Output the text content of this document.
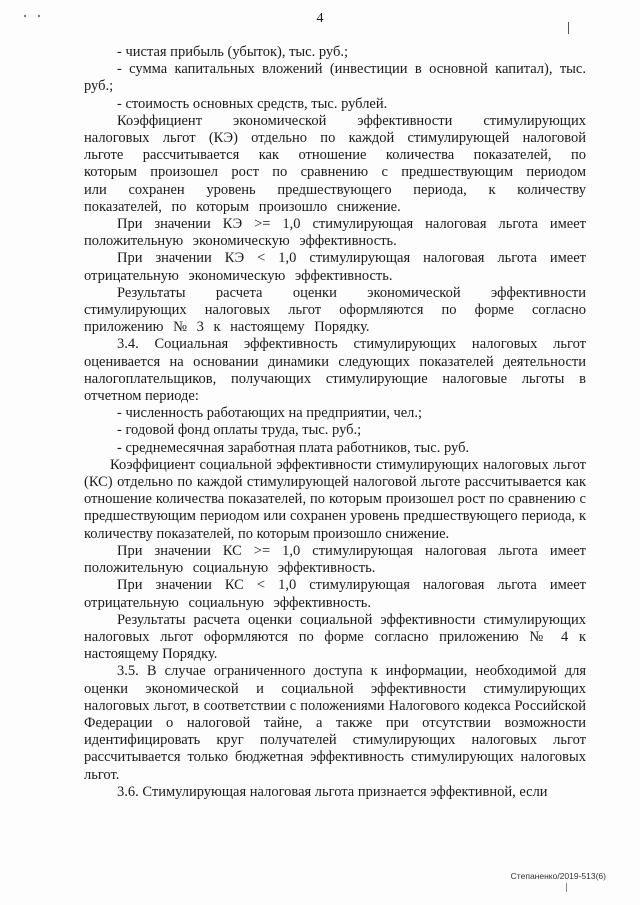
4

- чистая прибыль (убыток), тыс. руб.;

- сумма капитальных вложений (инвестиции в основной капитал), тыс. руб.;

- стоимость основных средств, тыс. рублей.

Коэффициент экономической эффективности стимулирующих налоговых льгот (КЭ) отдельно по каждой стимулирующей налоговой льготе рассчитывается как отношение количества показателей, по которым произошел рост по сравнению с предшествующим периодом или сохранен уровень предшествующего периода, к количеству показателей, по которым произошло снижение.

При значении КЭ >= 1,0 стимулирующая налоговая льгота имеет положительную экономическую эффективность.

При значении КЭ < 1,0 стимулирующая налоговая льгота имеет отрицательную экономическую эффективность.

Результаты расчета оценки экономической эффективности стимулирующих налоговых льгот оформляются по форме согласно приложению № 3 к настоящему Порядку.

3.4. Социальная эффективность стимулирующих налоговых льгот оценивается на основании динамики следующих показателей деятельности налогоплательщиков, получающих стимулирующие налоговые льготы в отчетном периоде:

- численность работающих на предприятии, чел.;

- годовой фонд оплаты труда, тыс. руб.;

- среднемесячная заработная плата работников, тыс. руб.

Коэффициент социальной эффективности стимулирующих налоговых льгот (КС) отдельно по каждой стимулирующей налоговой льготе рассчитывается как отношение количества показателей, по которым произошел рост по сравнению с предшествующим периодом или сохранен уровень предшествующего периода, к количеству показателей, по которым произошло снижение.

При значении КС >= 1,0 стимулирующая налоговая льгота имеет положительную социальную эффективность.

При значении КС < 1,0 стимулирующая налоговая льгота имеет отрицательную социальную эффективность.

Результаты расчета оценки социальной эффективности стимулирующих налоговых льгот оформляются по форме согласно приложению № 4 к настоящему Порядку.

3.5. В случае ограниченного доступа к информации, необходимой для оценки экономической и социальной эффективности стимулирующих налоговых льгот, в соответствии с положениями Налогового кодекса Российской Федерации о налоговой тайне, а также при отсутствии возможности идентифицировать круг получателей стимулирующих налоговых льгот рассчитывается только бюджетная эффективность стимулирующих налоговых льгот.

3.6. Стимулирующая налоговая льгота признается эффективной, если

Степаненко/2019-513(6)
